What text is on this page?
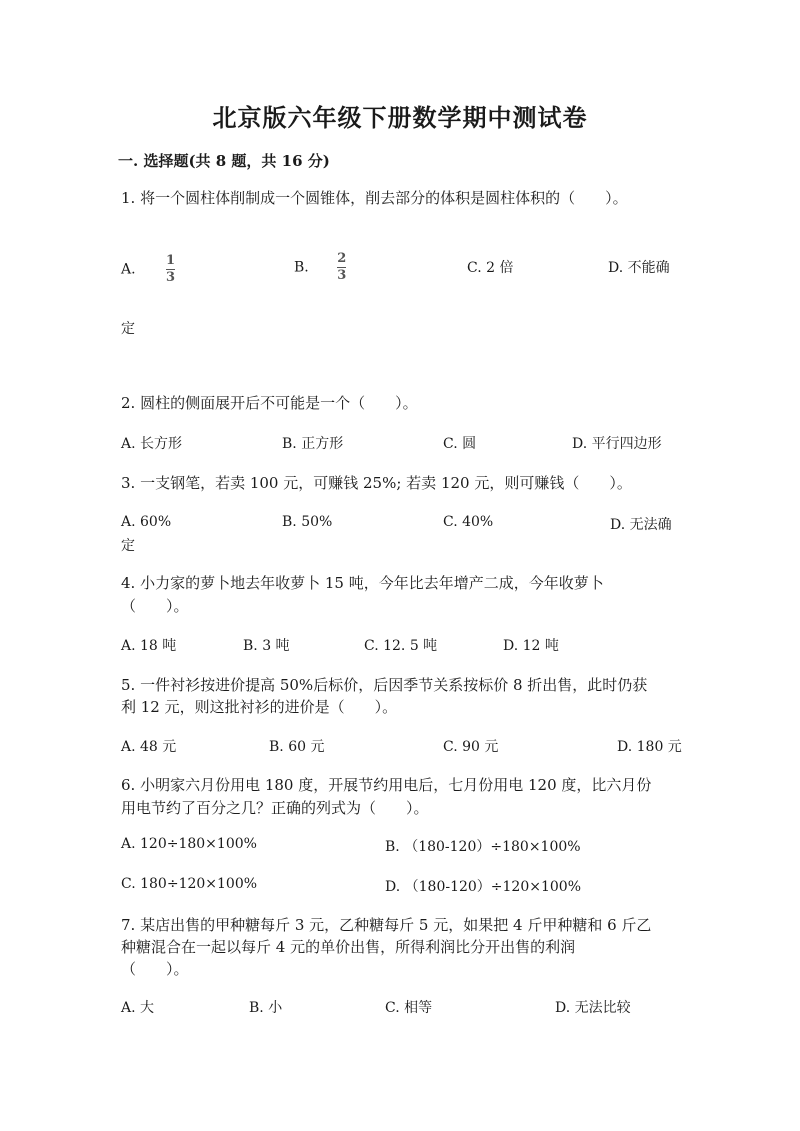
北京版六年级下册数学期中测试卷
一. 选择题(共 8 题，共 16 分)
1. 将一个圆柱体削制成一个圆锥体，削去部分的体积是圆柱体积的（　　）。
A. $\frac{1}{3}$	B. $\frac{2}{3}$	C. 2 倍	D. 不能确
定
2. 圆柱的侧面展开后不可能是一个（　　）。
A. 长方形	B. 正方形	C. 圆	D. 平行四边形
3. 一支钢笔，若卖 100 元，可赚钱 25%; 若卖 120 元，则可赚钱（　　）。
A. 60%	B. 50%	C. 40%	D. 无法确
定
4. 小力家的萝卜地去年收萝卜 15 吨，今年比去年增产二成，今年收萝卜
（　　）。
A. 18 吨	B. 3 吨	C. 12. 5 吨	D. 12 吨
5. 一件衬衫按进价提高 50%后标价，后因季节关系按标价 8 折出售，此时仍获
利 12 元，则这批衬衫的进价是（　　）。
A. 48 元	B. 60 元	C. 90 元	D. 180 元
6. 小明家六月份用电 180 度，开展节约用电后，七月份用电 120 度，比六月份
用电节约了百分之几？正确的列式为（　　）。
A. 120÷180×100%	B. （180-120）÷180×100%
C. 180÷120×100%	D. （180-120）÷120×100%
7. 某店出售的甲种糖每斤 3 元，乙种糖每斤 5 元，如果把 4 斤甲种糖和 6 斤乙
种糖混合在一起以每斤 4 元的单价出售，所得利润比分开出售的利润
（　　）。
A. 大	B. 小	C. 相等	D. 无法比较
